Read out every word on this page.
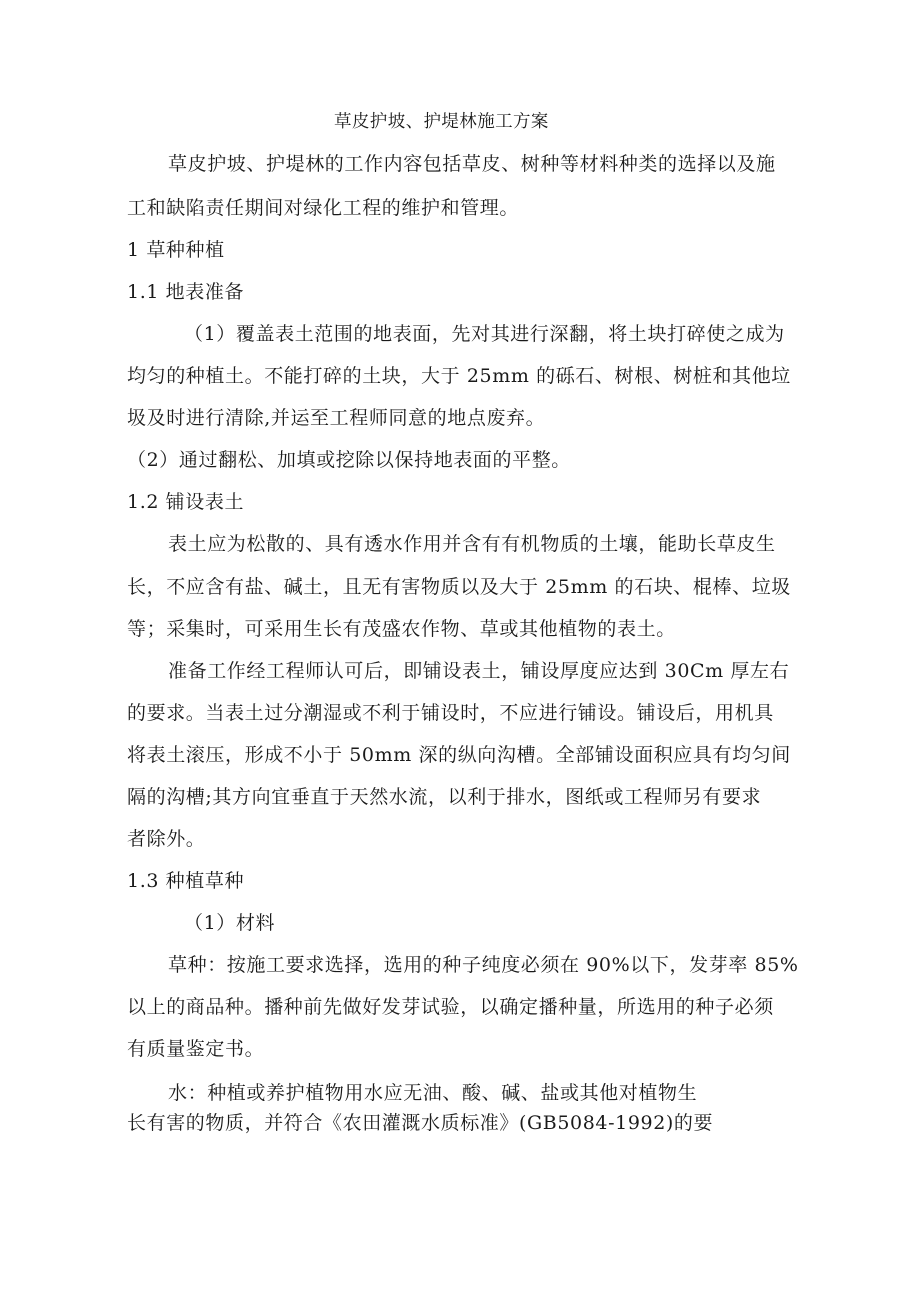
草皮护坡、护堤林施工方案
草皮护坡、护堤林的工作内容包括草皮、树种等材料种类的选择以及施
工和缺陷责任期间对绿化工程的维护和管理。
1 草种种植
1.1 地表准备
（1）覆盖表土范围的地表面，先对其进行深翻，将土块打碎使之成为
均匀的种植土。不能打碎的土块，大于 25mm 的砾石、树根、树桩和其他垃
圾及时进行清除,并运至工程师同意的地点废弃。
（2）通过翻松、加填或挖除以保持地表面的平整。
1.2 铺设表土
表土应为松散的、具有透水作用并含有有机物质的土壤，能助长草皮生
长，不应含有盐、碱土，且无有害物质以及大于 25mm 的石块、棍棒、垃圾
等；采集时，可采用生长有茂盛农作物、草或其他植物的表土。
准备工作经工程师认可后，即铺设表土，铺设厚度应达到 30Cm 厚左右
的要求。当表土过分潮湿或不利于铺设时，不应进行铺设。铺设后，用机具
将表土滚压，形成不小于 50mm 深的纵向沟槽。全部铺设面积应具有均匀间
隔的沟槽;其方向宜垂直于天然水流，以利于排水，图纸或工程师另有要求
者除外。
1.3 种植草种
（1）材料
草种：按施工要求选择，选用的种子纯度必须在 90%以下，发芽率 85%
以上的商品种。播种前先做好发芽试验，以确定播种量，所选用的种子必须
有质量鉴定书。
水：种植或养护植物用水应无油、酸、碱、盐或其他对植物生
长有害的物质，并符合《农田灌溉水质标准》(GB5084-1992)的要
